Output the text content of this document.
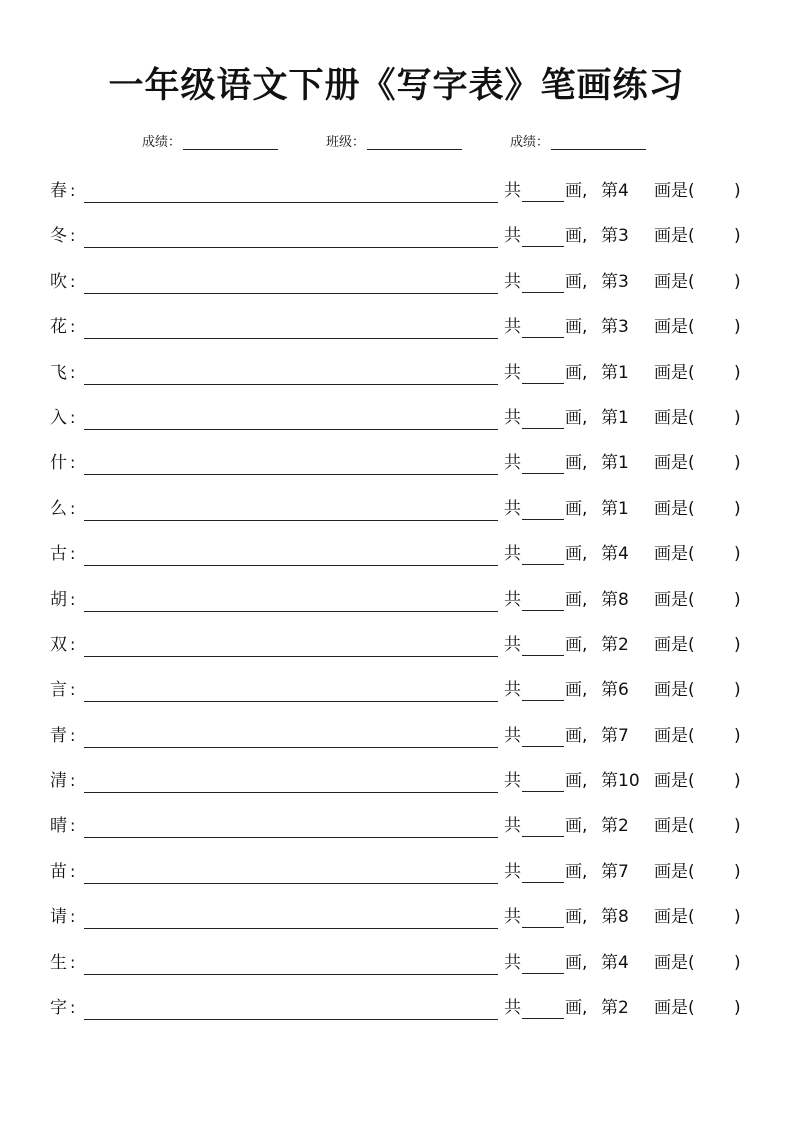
一年级语文下册《写字表》笔画练习
成绩：	班级：	成绩：
春 :	共	画, 第4 画是( )
冬 :	共	画, 第3 画是( )
吹 :	共	画, 第3 画是( )
花 :	共	画, 第3 画是( )
飞 :	共	画, 第1 画是( )
入 :	共	画, 第1 画是( )
什 :	共	画, 第1 画是( )
么 :	共	画, 第1 画是( )
古 :	共	画, 第4 画是( )
胡 :	共	画, 第8 画是( )
双 :	共	画, 第2 画是( )
言 :	共	画, 第6 画是( )
青 :	共	画, 第7 画是( )
清 :	共	画, 第10 画是( )
晴 :	共	画, 第2 画是( )
苗 :	共	画, 第7 画是( )
请 :	共	画, 第8 画是( )
生 :	共	画, 第4 画是( )
字 :	共	画, 第2 画是( )
